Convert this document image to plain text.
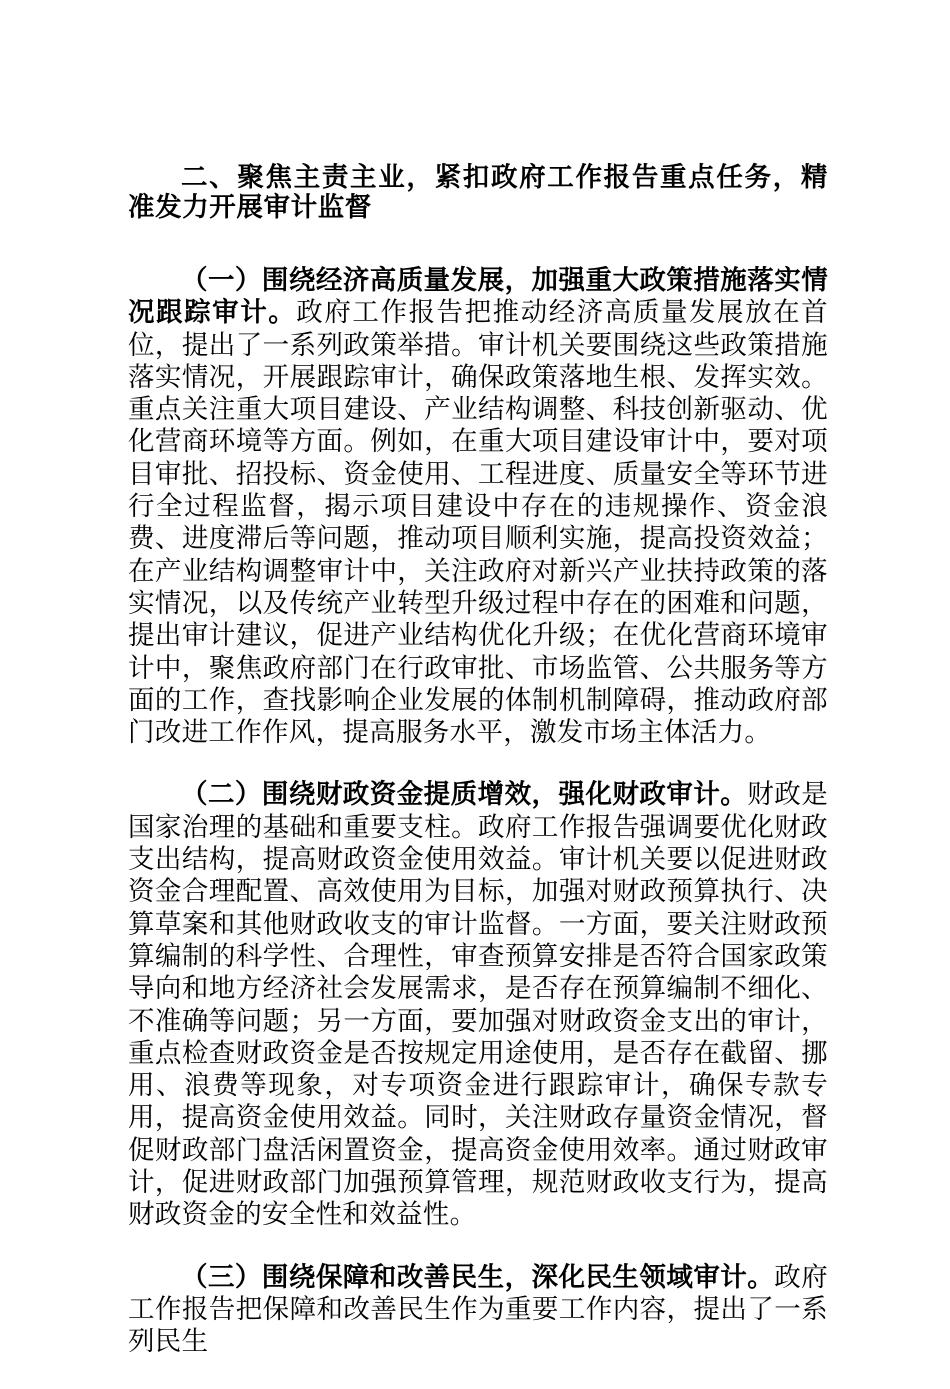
二、聚焦主责主业，紧扣政府工作报告重点任务，精准发力开展审计监督

（一）围绕经济高质量发展，加强重大政策措施落实情况跟踪审计。政府工作报告把推动经济高质量发展放在首位，提出了一系列政策举措。审计机关要围绕这些政策措施落实情况，开展跟踪审计，确保政策落地生根、发挥实效。重点关注重大项目建设、产业结构调整、科技创新驱动、优化营商环境等方面。例如，在重大项目建设审计中，要对项目审批、招投标、资金使用、工程进度、质量安全等环节进行全过程监督，揭示项目建设中存在的违规操作、资金浪费、进度滞后等问题，推动项目顺利实施，提高投资效益；在产业结构调整审计中，关注政府对新兴产业扶持政策的落实情况，以及传统产业转型升级过程中存在的困难和问题，提出审计建议，促进产业结构优化升级；在优化营商环境审计中，聚焦政府部门在行政审批、市场监管、公共服务等方面的工作，查找影响企业发展的体制机制障碍，推动政府部门改进工作作风，提高服务水平，激发市场主体活力。

（二）围绕财政资金提质增效，强化财政审计。财政是国家治理的基础和重要支柱。政府工作报告强调要优化财政支出结构，提高财政资金使用效益。审计机关要以促进财政资金合理配置、高效使用为目标，加强对财政预算执行、决算草案和其他财政收支的审计监督。一方面，要关注财政预算编制的科学性、合理性，审查预算安排是否符合国家政策导向和地方经济社会发展需求，是否存在预算编制不细化、不准确等问题；另一方面，要加强对财政资金支出的审计，重点检查财政资金是否按规定用途使用，是否存在截留、挪用、浪费等现象，对专项资金进行跟踪审计，确保专款专用，提高资金使用效益。同时，关注财政存量资金情况，督促财政部门盘活闲置资金，提高资金使用效率。通过财政审计，促进财政部门加强预算管理，规范财政收支行为，提高财政资金的安全性和效益性。

（三）围绕保障和改善民生，深化民生领域审计。政府工作报告把保障和改善民生作为重要工作内容，提出了一系列民生
